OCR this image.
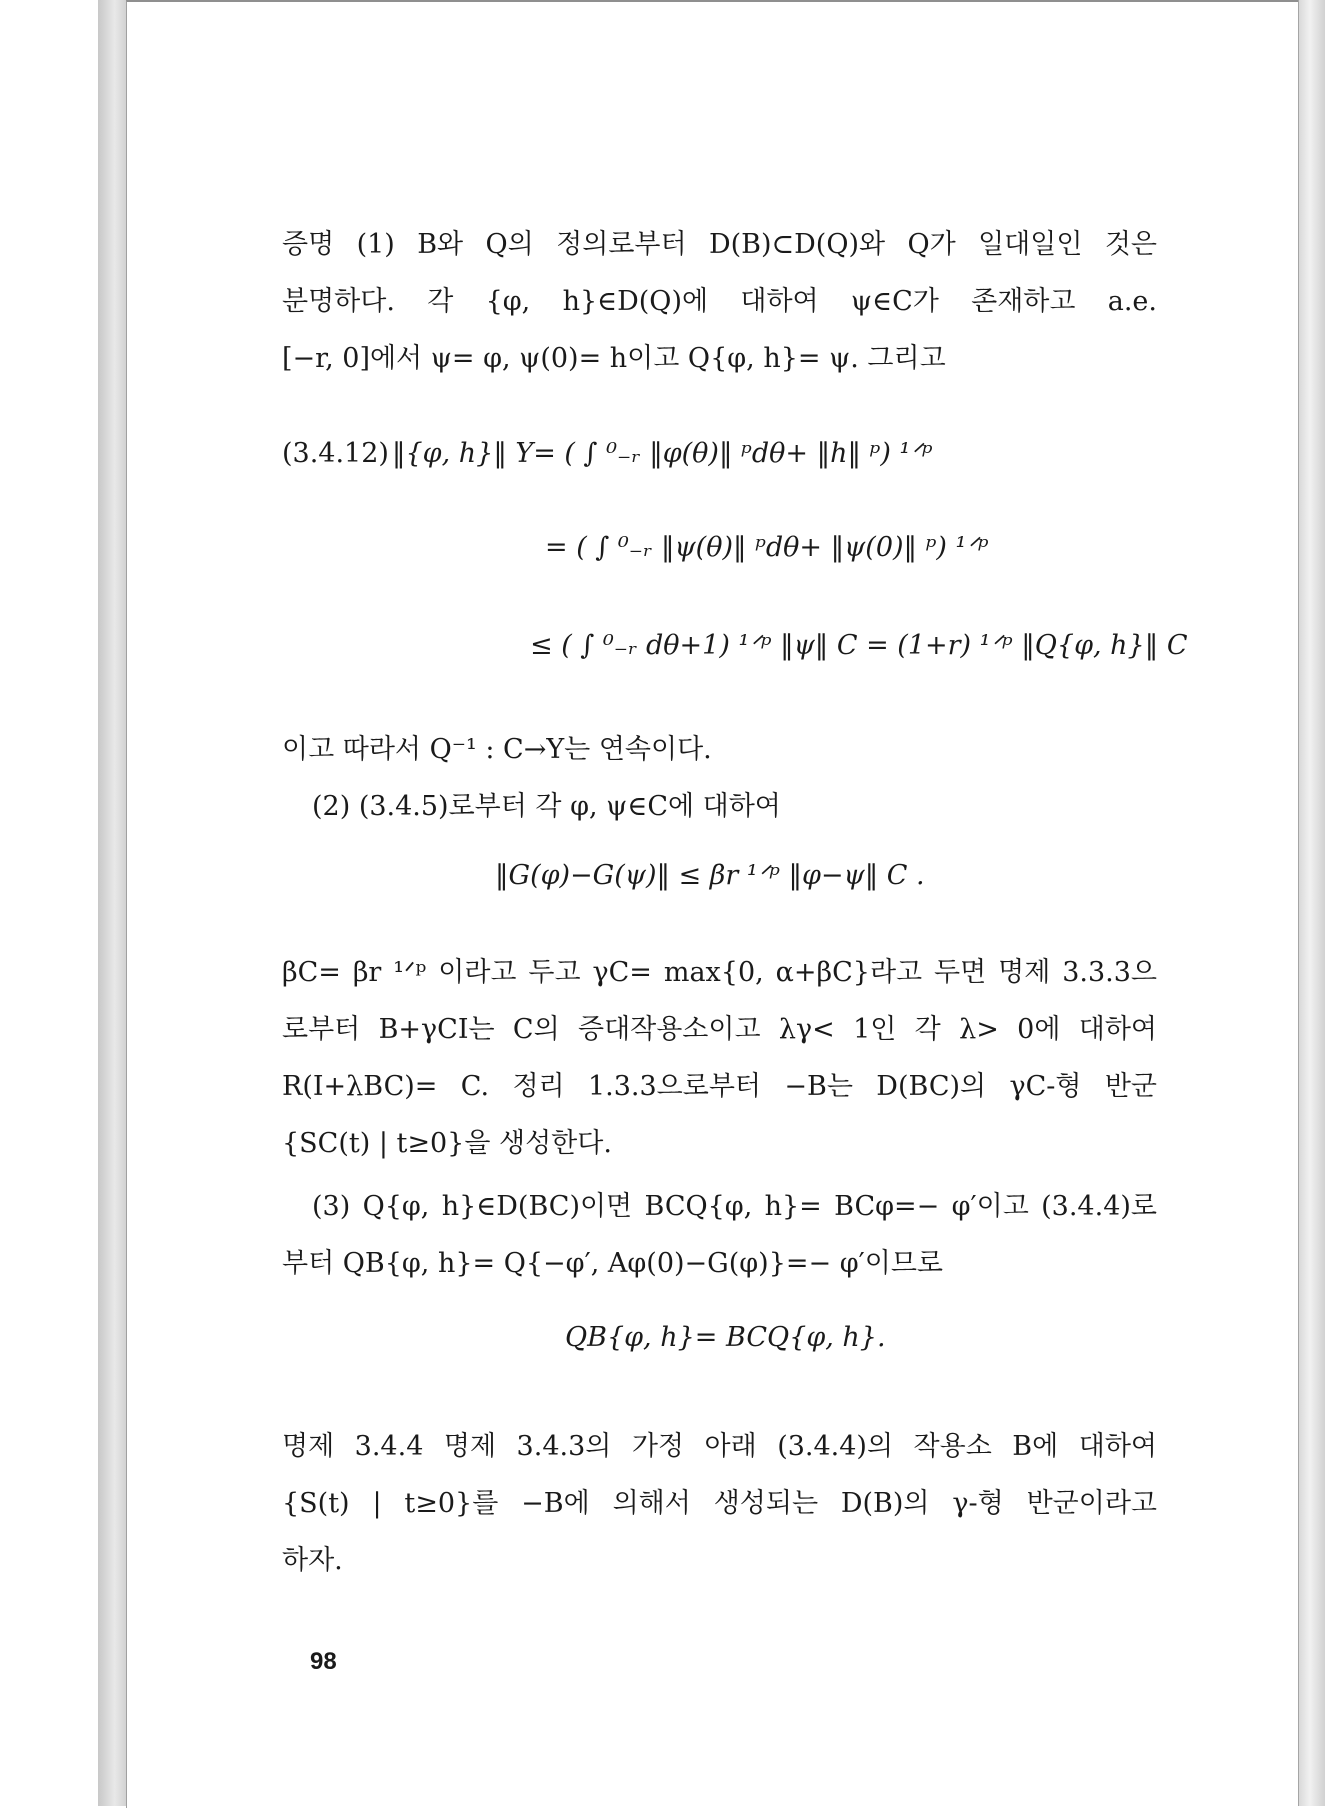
증명 (1) B와 Q의 정의로부터 D(B)⊂D(Q)와 Q가 일대일인 것은
분명하다. 각 {φ, h}∈D(Q)에 대하여 ψ∈C가 존재하고 a.e.
[−r, 0]에서 ψ= φ, ψ(0)= h이고 Q{φ, h}= ψ. 그리고
(3.4.12) ‖{φ, h}‖ Y= ( ∫ ⁰₋ᵣ ‖φ(θ)‖ ᵖdθ+ ‖h‖ ᵖ) ¹ᐟᵖ
= ( ∫ ⁰₋ᵣ ‖ψ(θ)‖ ᵖdθ+ ‖ψ(0)‖ ᵖ) ¹ᐟᵖ
≤ ( ∫ ⁰₋ᵣ dθ+1) ¹ᐟᵖ ‖ψ‖ C = (1+r) ¹ᐟᵖ ‖Q{φ, h}‖ C
이고 따라서 Q⁻¹ : C→Y는 연속이다.
(2) (3.4.5)로부터 각 φ, ψ∈C에 대하여
‖G(φ)−G(ψ)‖ ≤ βr ¹ᐟᵖ ‖φ−ψ‖ C .
βC= βr ¹ᐟᵖ 이라고 두고 γC= max{0, α+βC}라고 두면 명제 3.3.3으
로부터 B+γCI는 C의 증대작용소이고 λγ< 1인 각 λ> 0에 대하여
R(I+λBC)= C. 정리 1.3.3으로부터 −B는 D(BC)의 γC-형 반군
{SC(t) | t≥0}을 생성한다.
(3) Q{φ, h}∈D(BC)이면 BCQ{φ, h}= BCφ=− φ′이고 (3.4.4)로
부터 QB{φ, h}= Q{−φ′, Aφ(0)−G(φ)}=− φ′이므로
QB{φ, h}= BCQ{φ, h}.
명제 3.4.4 명제 3.4.3의 가정 아래 (3.4.4)의 작용소 B에 대하여
{S(t) | t≥0}를 −B에 의해서 생성되는 D(B)의 γ-형 반군이라고
하자.
98
